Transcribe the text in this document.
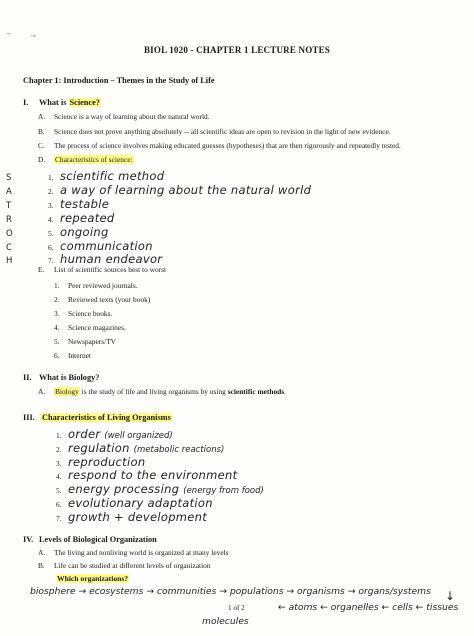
~	→
BIOL 1020 - CHAPTER 1 LECTURE NOTES
Chapter 1: Introduction – Themes in the Study of Life
I. What is Science?
A. Science is a way of learning about the natural world.
B. Science does not prove anything absolutely -- all scientific ideas are open to revision in the light of new evidence.
C. The process of science involves making educated guesses (hypotheses) that are then rigorously and repeatedly tested.
D. Characteristics of science:
S	1. scientific method
A	2. a way of learning about the natural world
T	3. testable
R	4. repeated
O	5. ongoing
C	6. communication
H	7. human endeavor
E. List of scientific sources best to worst
1. Peer reviewed journals.
2. Reviewed texts (your book)
3. Science books.
4. Science magazines.
5. Newspapers/TV
6. Internet
II. What is Biology?
A. Biology is the study of life and living organisms by using scientific methods.
III. Characteristics of Living Organisms
1. order (well organized)
2. regulation (metabolic reactions)
3. reproduction
4. respond to the environment
5. energy processing (energy from food)
6. evolutionary adaptation
7. growth + development
IV. Levels of Biological Organization
A. The living and nonliving world is organized at many levels
B. Life can be studied at different levels of organization
Which organizations?
biosphere → ecosystems → communities → populations → organisms → organs/systems ↓
← atoms ← organelles ← cells ← tissues
molecules
1 of 2
